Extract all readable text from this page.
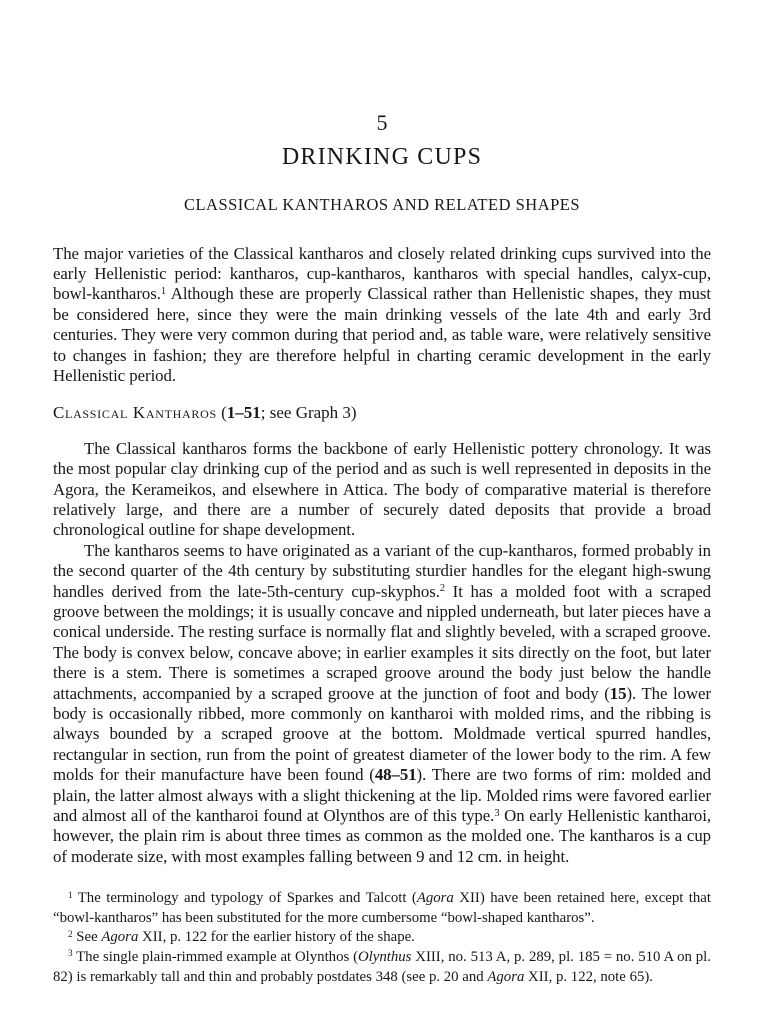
5
DRINKING CUPS
CLASSICAL KANTHAROS AND RELATED SHAPES

The major varieties of the Classical kantharos and closely related drinking cups survived into the early Hellenistic period: kantharos, cup-kantharos, kantharos with special handles, calyx-cup, bowl-kantharos.$^1$ Although these are properly Classical rather than Hellenistic shapes, they must be considered here, since they were the main drinking vessels of the late 4th and early 3rd centuries. They were very common during that period and, as table ware, were relatively sensitive to changes in fashion; they are therefore helpful in charting ceramic development in the early Hellenistic period.

Classical Kantharos (1–51; see Graph 3)

The Classical kantharos forms the backbone of early Hellenistic pottery chronology. It was the most popular clay drinking cup of the period and as such is well represented in deposits in the Agora, the Kerameikos, and elsewhere in Attica. The body of comparative material is therefore relatively large, and there are a number of securely dated deposits that provide a broad chronological outline for shape development.

The kantharos seems to have originated as a variant of the cup-kantharos, formed probably in the second quarter of the 4th century by substituting sturdier handles for the elegant high-swung handles derived from the late-5th-century cup-skyphos.$^2$ It has a molded foot with a scraped groove between the moldings; it is usually concave and nippled underneath, but later pieces have a conical underside. The resting surface is normally flat and slightly beveled, with a scraped groove. The body is convex below, concave above; in earlier examples it sits directly on the foot, but later there is a stem. There is sometimes a scraped groove around the body just below the handle attachments, accompanied by a scraped groove at the junction of foot and body (15). The lower body is occasionally ribbed, more commonly on kantharoi with molded rims, and the ribbing is always bounded by a scraped groove at the bottom. Moldmade vertical spurred handles, rectangular in section, run from the point of greatest diameter of the lower body to the rim. A few molds for their manufacture have been found (48–51). There are two forms of rim: molded and plain, the latter almost always with a slight thickening at the lip. Molded rims were favored earlier and almost all of the kantharoi found at Olynthos are of this type.$^3$ On early Hellenistic kantharoi, however, the plain rim is about three times as common as the molded one. The kantharos is a cup of moderate size, with most examples falling between 9 and 12 cm. in height.

$^1$ The terminology and typology of Sparkes and Talcott (Agora XII) have been retained here, except that “bowl-kantharos” has been substituted for the more cumbersome “bowl-shaped kantharos”.

$^2$ See Agora XII, p. 122 for the earlier history of the shape.

$^3$ The single plain-rimmed example at Olynthos (Olynthus XIII, no. 513 A, p. 289, pl. 185 = no. 510 A on pl. 82) is remarkably tall and thin and probably postdates 348 (see p. 20 and Agora XII, p. 122, note 65).
